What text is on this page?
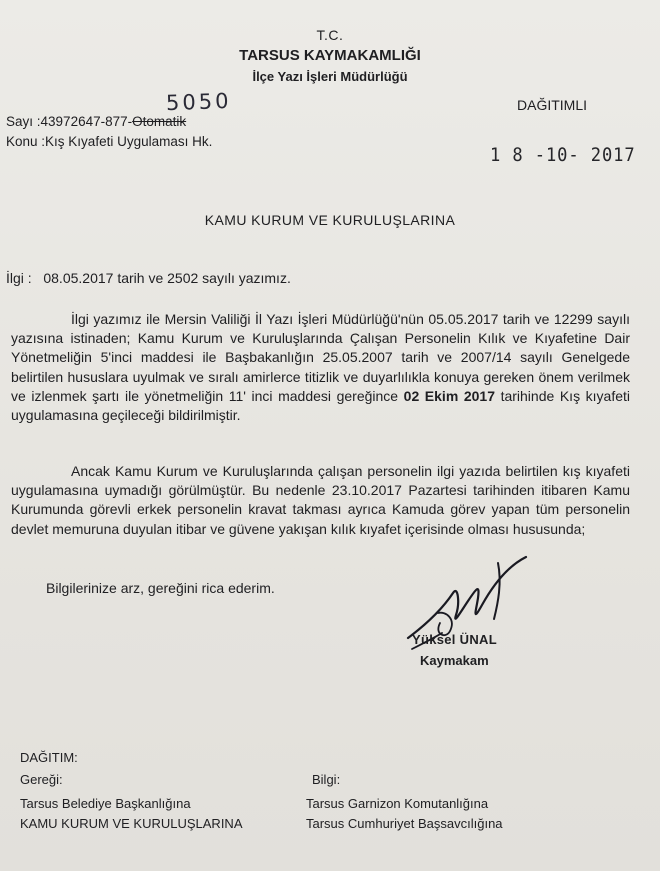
T.C.
TARSUS KAYMAKAMLIĞI
İlçe Yazı İşleri Müdürlüğü
DAĞITIMLI
Sayı :43972647-877-Otomatik
5050
Konu :Kış Kıyafeti Uygulaması Hk.
1 8 -10- 2017
KAMU KURUM VE KURULUŞLARINA
İlgi : 08.05.2017 tarih ve 2502 sayılı yazımız.
İlgi yazımız ile Mersin Valiliği İl Yazı İşleri Müdürlüğü'nün 05.05.2017 tarih ve 12299 sayılı yazısına istinaden; Kamu Kurum ve Kuruluşlarında Çalışan Personelin Kılık ve Kıyafetine Dair Yönetmeliğin 5'inci maddesi ile Başbakanlığın 25.05.2007 tarih ve 2007/14 sayılı Genelgede belirtilen hususlara uyulmak ve sıralı amirlerce titizlik ve duyarlılıkla konuya gereken önem verilmek ve izlenmek şartı ile yönetmeliğin 11' inci maddesi gereğince 02 Ekim 2017 tarihinde Kış kıyafeti uygulamasına geçileceği bildirilmiştir.
Ancak Kamu Kurum ve Kuruluşlarında çalışan personelin ilgi yazıda belirtilen kış kıyafeti uygulamasına uymadığı görülmüştür. Bu nedenle 23.10.2017 Pazartesi tarihinden itibaren Kamu Kurumunda görevli erkek personelin kravat takması ayrıca Kamuda görev yapan tüm personelin devlet memuruna duyulan itibar ve güvene yakışan kılık kıyafet içerisinde olması hususunda;
Bilgilerinize arz, gereğini rica ederim.
Yüksel ÜNAL
Kaymakam
DAĞITIM:
Gereği:	Bilgi:
Tarsus Belediye Başkanlığına
KAMU KURUM VE KURULUŞLARINA
Tarsus Garnizon Komutanlığına
Tarsus Cumhuriyet Başsavcılığına
